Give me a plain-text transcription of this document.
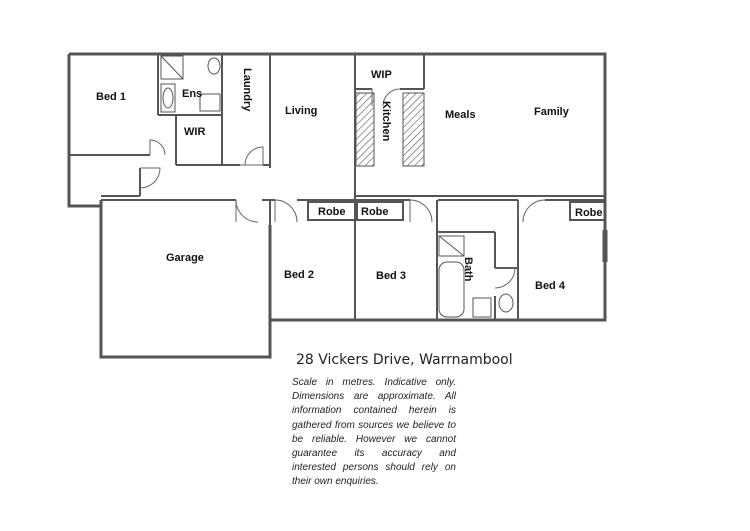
Bed 1	Ens
WIR
Laundry	Living
WIP
Kitchen	Meals	Family
Garage
Bed 2
Robe Robe
Bed 3	Bath
Bed 4
Robe
28 Vickers Drive, Warrnambool
Scale in metres. Indicative only. Dimensions are approximate. All information contained herein is gathered from sources we believe to be reliable. However we cannot guarantee its accuracy and interested persons should rely on their own enquiries.
